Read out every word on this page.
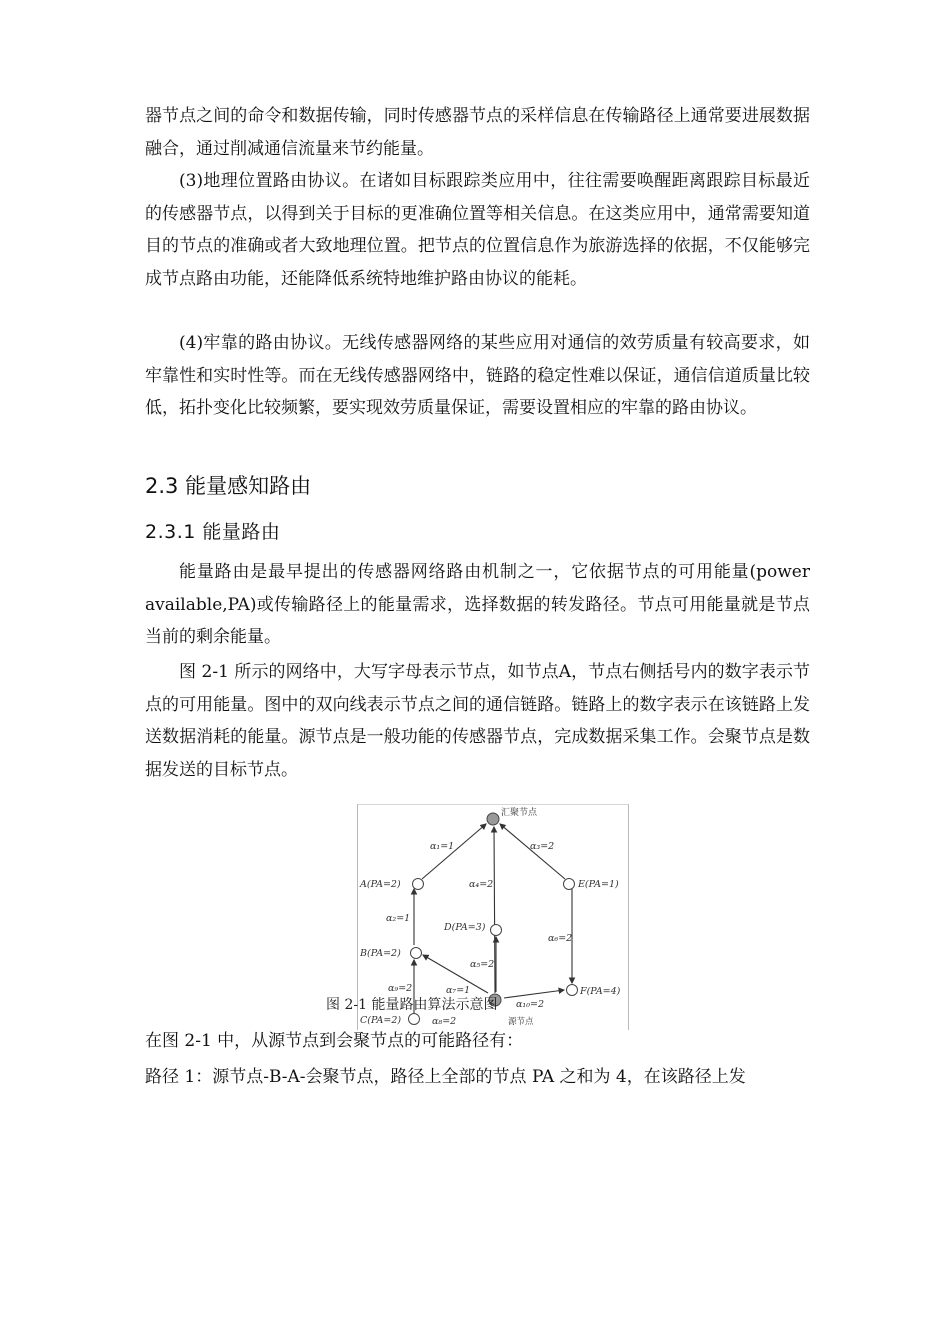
器节点之间的命令和数据传输，同时传感器节点的采样信息在传输路径上通常要进展数据融合，通过削减通信流量来节约能量。
(3)地理位置路由协议。在诸如目标跟踪类应用中，往往需要唤醒距离跟踪目标最近的传感器节点，以得到关于目标的更准确位置等相关信息。在这类应用中，通常需要知道目的节点的准确或者大致地理位置。把节点的位置信息作为旅游选择的依据，不仅能够完成节点路由功能，还能降低系统特地维护路由协议的能耗。
(4)牢靠的路由协议。无线传感器网络的某些应用对通信的效劳质量有较高要求，如牢靠性和实时性等。而在无线传感器网络中，链路的稳定性难以保证，通信信道质量比较低，拓扑变化比较频繁，要实现效劳质量保证，需要设置相应的牢靠的路由协议。
2.3 能量感知路由
2.3.1 能量路由
能量路由是最早提出的传感器网络路由机制之一，它依据节点的可用能量(power available,PA)或传输路径上的能量需求，选择数据的转发路径。节点可用能量就是节点当前的剩余能量。
图 2-1 所示的网络中，大写字母表示节点，如节点A，节点右侧括号内的数字表示节点的可用能量。图中的双向线表示节点之间的通信链路。链路上的数字表示在该链路上发送数据消耗的能量。源节点是一般功能的传感器节点，完成数据采集工作。会聚节点是数据发送的目标节点。
汇聚节点
A(PA=2)	E(PA=1)
D(PA=3)
B(PA=2)
F(PA=4)
C(PA=2)	源节点
α₁=1	α₃=2
α₄=2
α₂=1
α₆=2
α₅=2
α₉=2	α₇=1
α₁₀=2
α₈=2
图 2-1 能量路由算法示意图
在图 2-1 中，从源节点到会聚节点的可能路径有：
路径 1：源节点-B-A-会聚节点，路径上全部的节点 PA 之和为 4，在该路径上发
